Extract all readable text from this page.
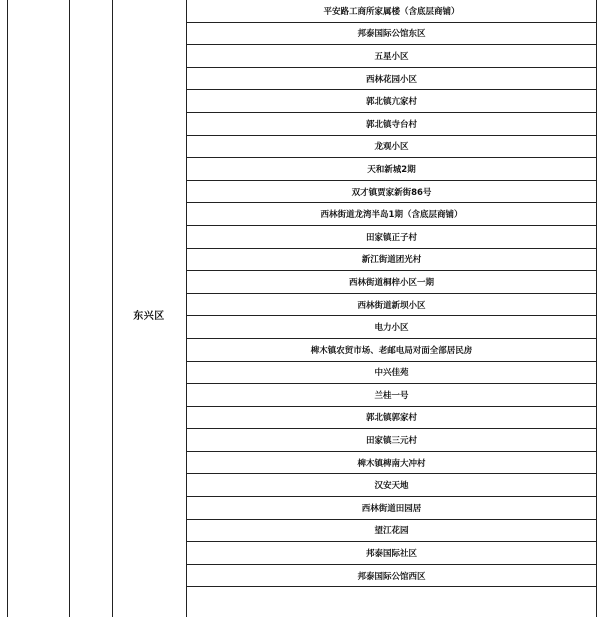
东兴区
平安路工商所家属楼（含底层商铺）
邦泰国际公馆东区
五星小区
西林花园小区
郭北镇亢家村
郭北镇寺台村
龙观小区
天和新城2期
双才镇贾家新街86号
西林街道龙湾半岛1期（含底层商铺）
田家镇正子村
新江街道团光村
西林街道桐梓小区一期
西林街道新坝小区
电力小区
椑木镇农贸市场、老邮电局对面全部居民房
中兴佳苑
兰桂一号
郭北镇郭家村
田家镇三元村
椑木镇椑南大冲村
汉安天地
西林街道田园居
望江花园
邦泰国际社区
邦泰国际公馆西区
